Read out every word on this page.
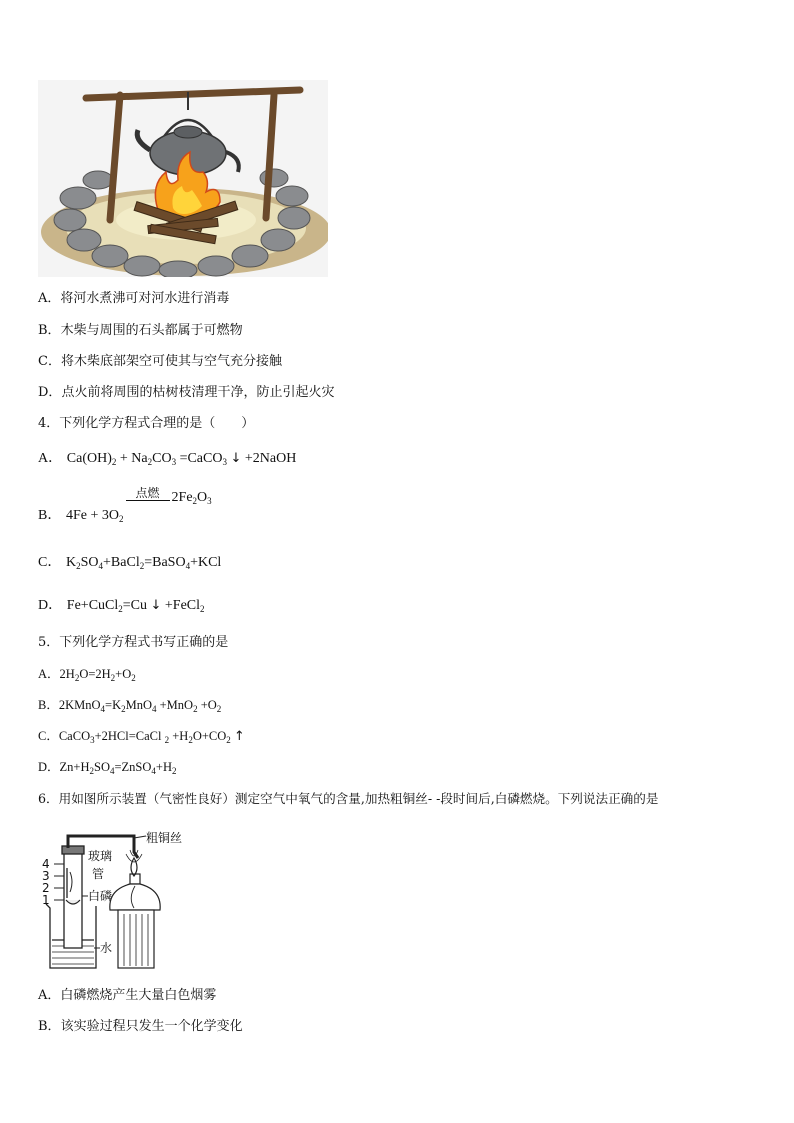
A．将河水煮沸可对河水进行消毒
B．木柴与周围的石头都属于可燃物
C．将木柴底部架空可使其与空气充分接触
D．点火前将周围的枯树枝清理干净，防止引起火灾
4．下列化学方程式合理的是（　　）
A．  $Ca(OH)_2 + Na_2CO_3$ =CaCO$_3$ ↓ +2NaOH
B．  $4Fe + 3O_2$
点燃 $2Fe_2O_3$
C．  $K_2SO_4+BaCl_2=BaSO_4+KCl$
D．  Fe+CuCl$_2$=Cu ↓ +FeCl$_2$
5．下列化学方程式书写正确的是
A．$2H_2O=2H_2+O_2$
B．$2KMnO_4=K_2MnO_4 +MnO_2 +O_2$
C．CaCO$_3$+2HCl=CaCl $_2 +H_2O+CO_2$ ↑
D．$Zn+H_2SO_4=ZnSO_4+H_2$
6．用如图所示装置（气密性良好）测定空气中氧气的含量,加热粗铜丝- -段时间后,白磷燃烧。下列说法正确的是
4
3
2
1
粗铜丝
玻璃
管
白磷
水
A．白磷燃烧产生大量白色烟雾
B．该实验过程只发生一个化学变化
